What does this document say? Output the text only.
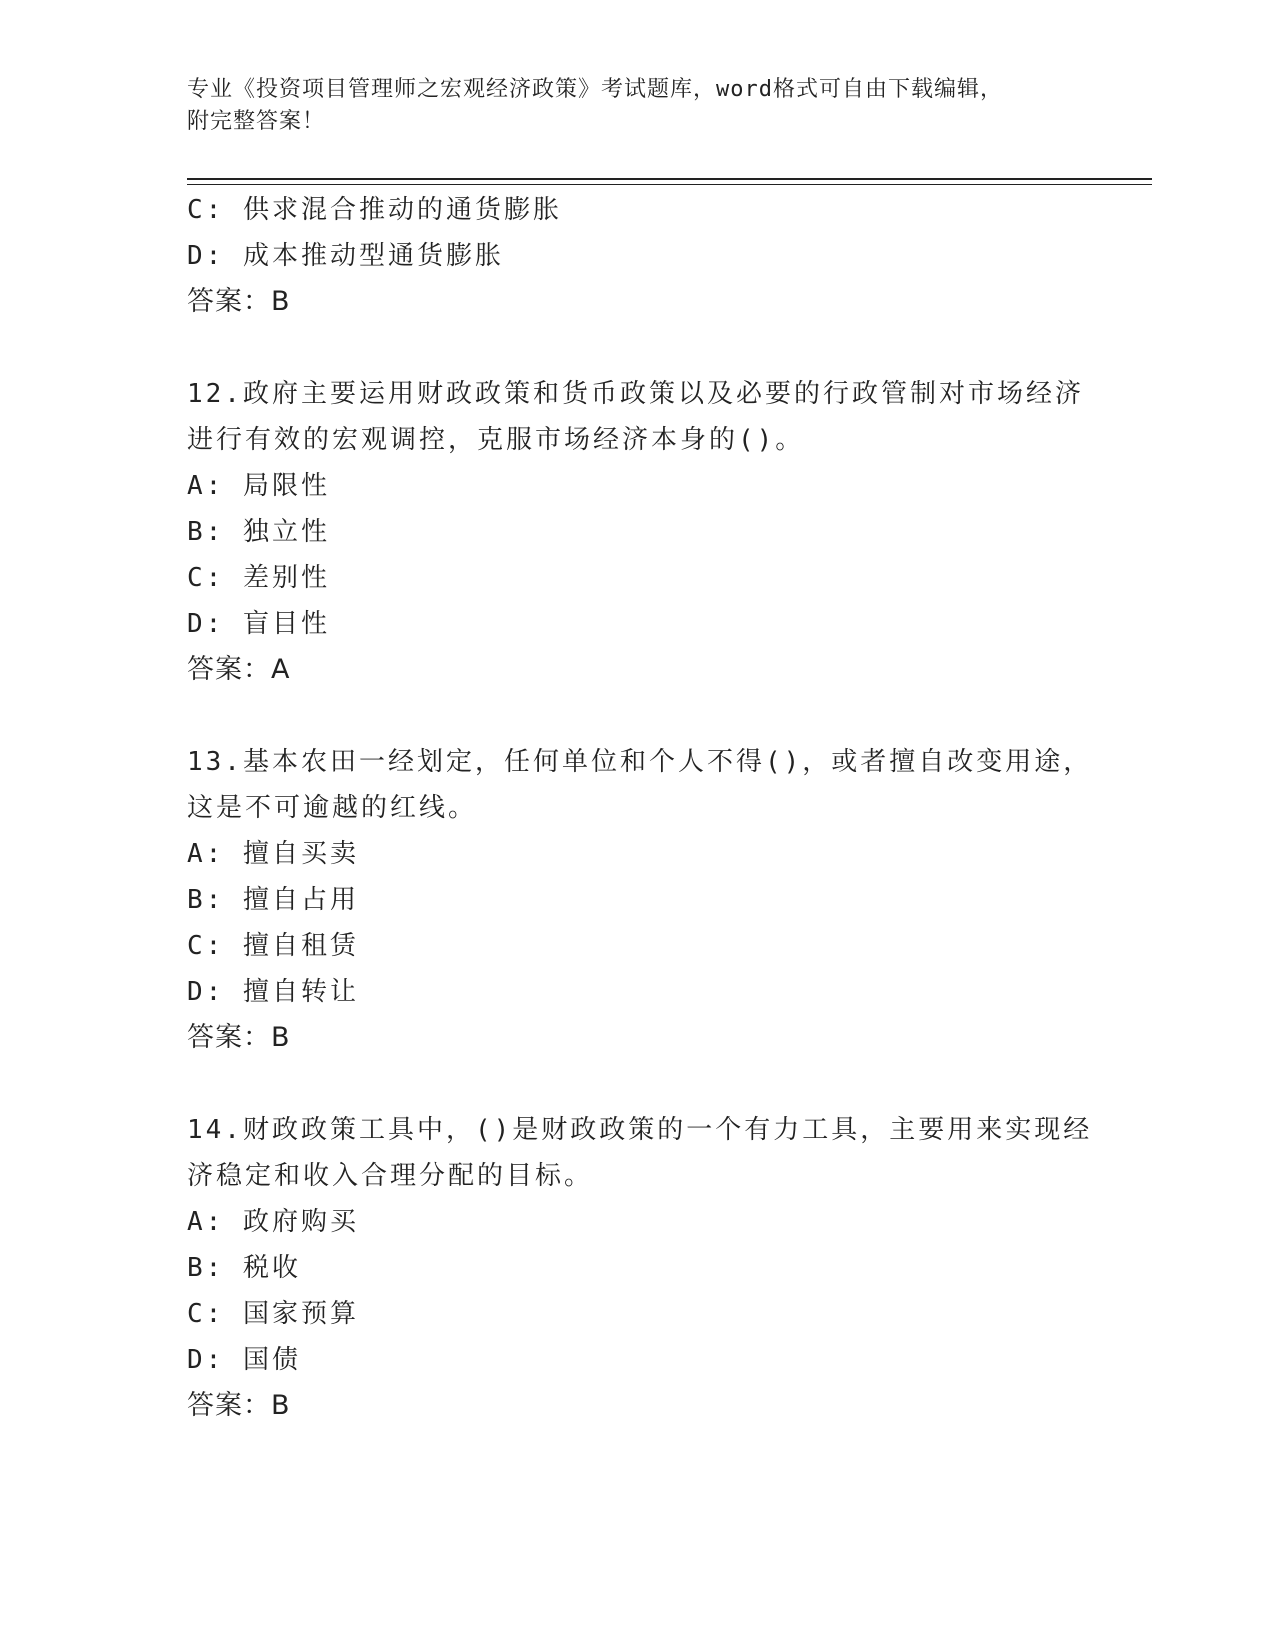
专业《投资项目管理师之宏观经济政策》考试题库，word格式可自由下载编辑，
附完整答案！
C: 供求混合推动的通货膨胀
D: 成本推动型通货膨胀
答案：B
12.政府主要运用财政政策和货币政策以及必要的行政管制对市场经济
进行有效的宏观调控，克服市场经济本身的()。
A: 局限性
B: 独立性
C: 差别性
D: 盲目性
答案：A
13.基本农田一经划定，任何单位和个人不得()，或者擅自改变用途，
这是不可逾越的红线。
A: 擅自买卖
B: 擅自占用
C: 擅自租赁
D: 擅自转让
答案：B
14.财政政策工具中，()是财政政策的一个有力工具，主要用来实现经
济稳定和收入合理分配的目标。
A: 政府购买
B: 税收
C: 国家预算
D: 国债
答案：B
